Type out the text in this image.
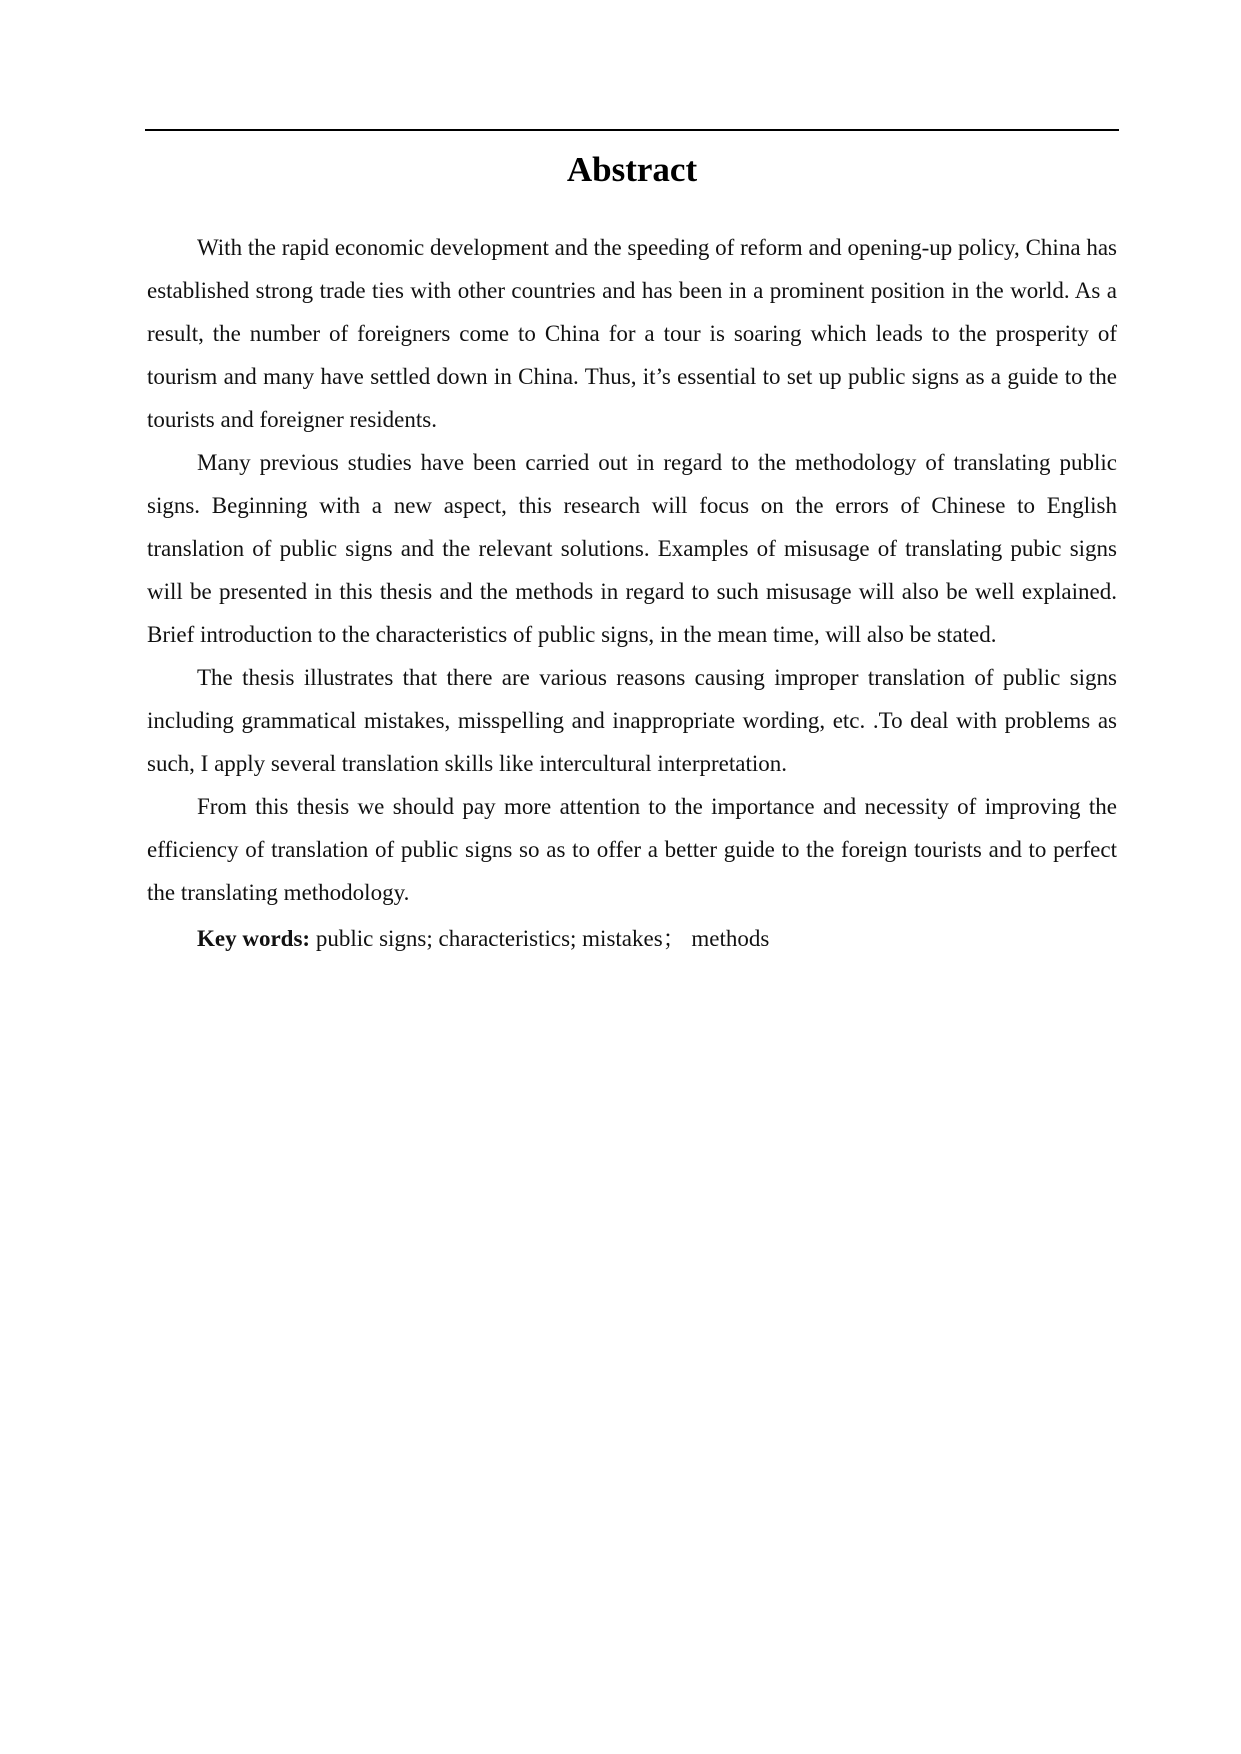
Abstract

With the rapid economic development and the speeding of reform and opening-up policy, China has established strong trade ties with other countries and has been in a prominent position in the world. As a result, the number of foreigners come to China for a tour is soaring which leads to the prosperity of tourism and many have settled down in China. Thus, it’s essential to set up public signs as a guide to the tourists and foreigner residents.

Many previous studies have been carried out in regard to the methodology of translating public signs. Beginning with a new aspect, this research will focus on the errors of Chinese to English translation of public signs and the relevant solutions. Examples of misusage of translating pubic signs will be presented in this thesis and the methods in regard to such misusage will also be well explained. Brief introduction to the characteristics of public signs, in the mean time, will also be stated.

The thesis illustrates that there are various reasons causing improper translation of public signs including grammatical mistakes, misspelling and inappropriate wording, etc. .To deal with problems as such, I apply several translation skills like intercultural interpretation.

From this thesis we should pay more attention to the importance and necessity of improving the efficiency of translation of public signs so as to offer a better guide to the foreign tourists and to perfect the translating methodology.

Key words: public signs; characteristics; mistakes； methods
